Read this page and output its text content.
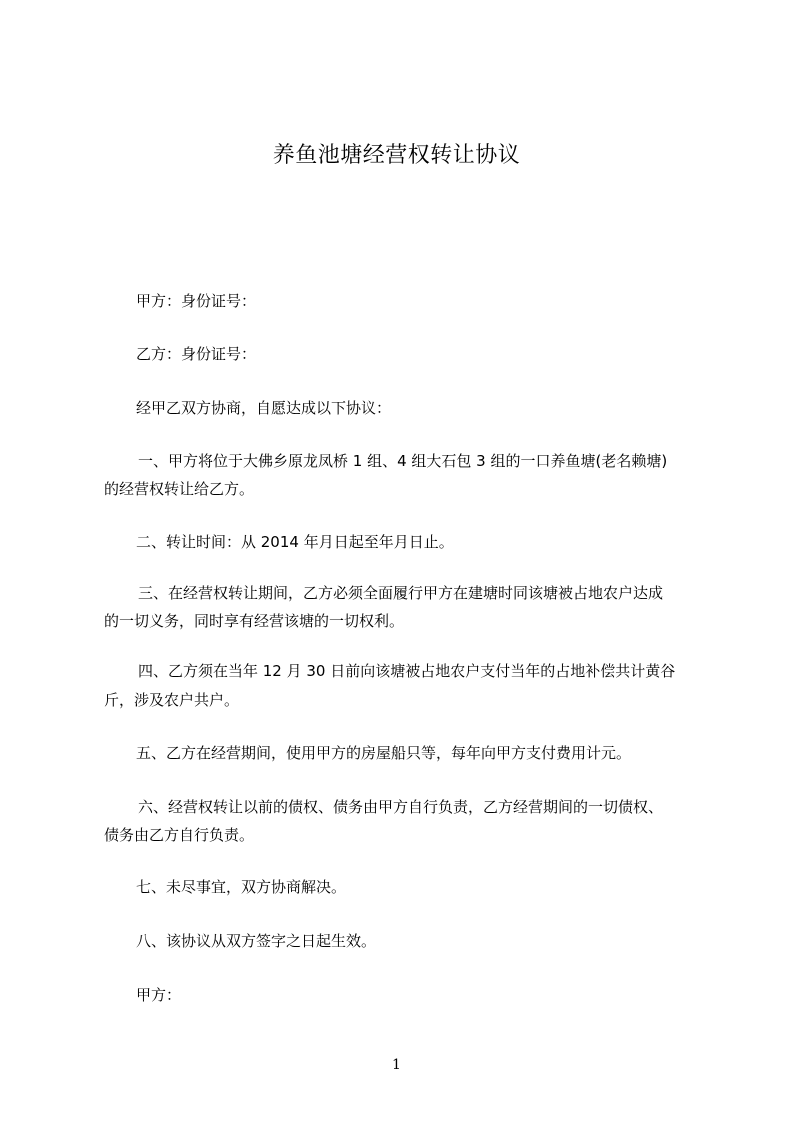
养鱼池塘经营权转让协议
甲方：身份证号：
乙方：身份证号：
经甲乙双方协商，自愿达成以下协议：
一、甲方将位于大佛乡原龙凤桥 1 组、4 组大石包 3 组的一口养鱼塘(老名赖塘)
的经营权转让给乙方。
二、转让时间：从 2014 年月日起至年月日止。
三、在经营权转让期间，乙方必须全面履行甲方在建塘时同该塘被占地农户达成
的一切义务，同时享有经营该塘的一切权利。
四、乙方须在当年 12 月 30 日前向该塘被占地农户支付当年的占地补偿共计黄谷
斤，涉及农户共户。
五、乙方在经营期间，使用甲方的房屋船只等，每年向甲方支付费用计元。
六、经营权转让以前的债权、债务由甲方自行负责，乙方经营期间的一切债权、
债务由乙方自行负责。
七、未尽事宜，双方协商解决。
八、该协议从双方签字之日起生效。
甲方：
1
